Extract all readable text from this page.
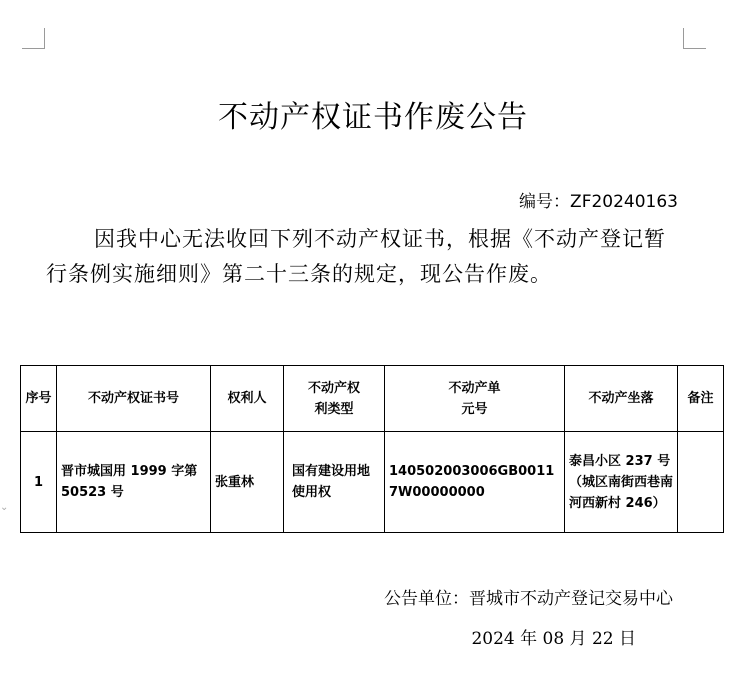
⌄
不动产权证书作废公告
编号：ZF20240163
因我中心无法收回下列不动产权证书，根据《不动产登记暂行条例实施细则》第二十三条的规定，现公告作废。
序号	不动产权证书号	权利人	不动产权利类型	不动产单元号	不动产坐落	备注
1	晋市城国用 1999 字第 50523 号	张重林	国有建设用地使用权	140502003006GB00117W00000000	泰昌小区 237 号（城区南街西巷南河西新村 246）	
公告单位：晋城市不动产登记交易中心
2024 年 08 月 22 日
